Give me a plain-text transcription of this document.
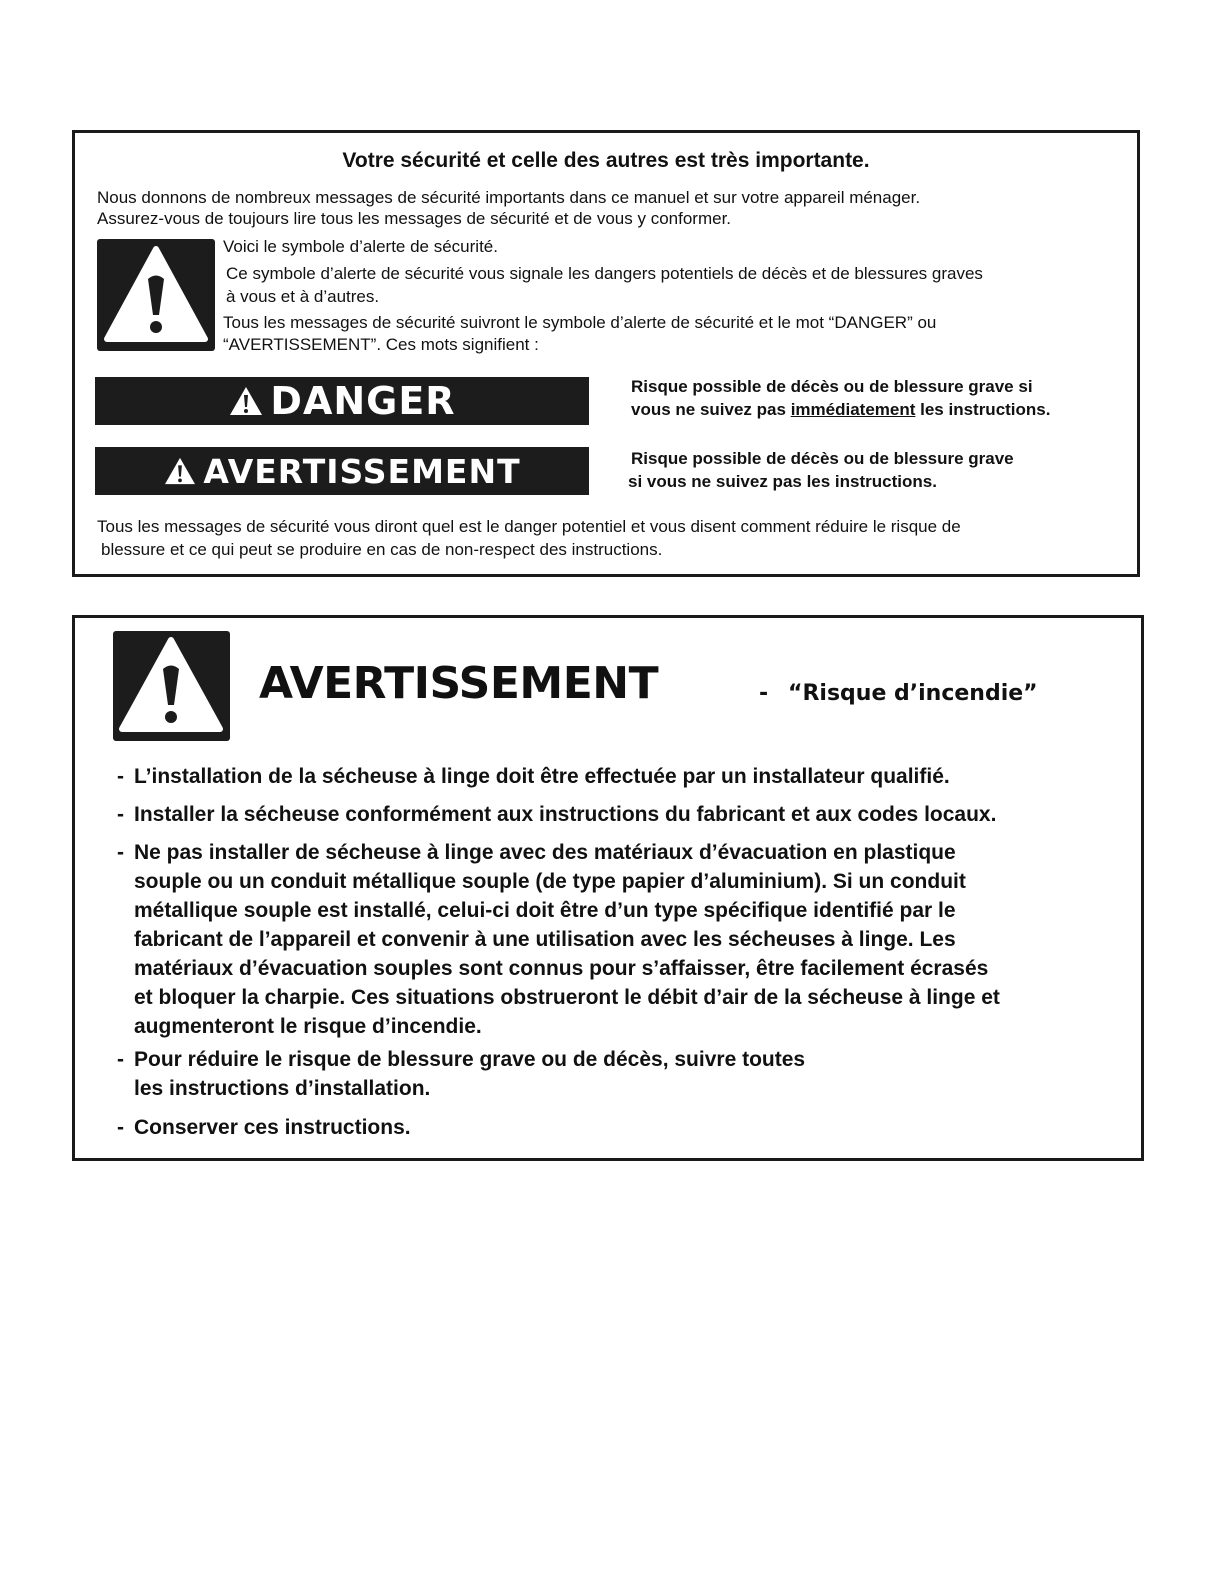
Votre sécurité et celle des autres est très importante.
Nous donnons de nombreux messages de sécurité importants dans ce manuel et sur votre appareil ménager.
Assurez-vous de toujours lire tous les messages de sécurité et de vous y conformer.
Voici le symbole d’alerte de sécurité.
Ce symbole d’alerte de sécurité vous signale les dangers potentiels de décès et de blessures graves
à vous et à d’autres.
Tous les messages de sécurité suivront le symbole d’alerte de sécurité et le mot “DANGER” ou
“AVERTISSEMENT”. Ces mots signifient :
DANGER	Risque possible de décès ou de blessure grave si
vous ne suivez pas immédiatement les instructions.
AVERTISSEMENT	Risque possible de décès ou de blessure grave
si vous ne suivez pas les instructions.
Tous les messages de sécurité vous diront quel est le danger potentiel et vous disent comment réduire le risque de
blessure et ce qui peut se produire en cas de non-respect des instructions.
AVERTISSEMENT	- “Risque d’incendie”
- L’installation de la sécheuse à linge doit être effectuée par un installateur qualifié.
- Installer la sécheuse conformément aux instructions du fabricant et aux codes locaux.
- Ne pas installer de sécheuse à linge avec des matériaux d’évacuation en plastique
souple ou un conduit métallique souple (de type papier d’aluminium). Si un conduit
métallique souple est installé, celui-ci doit être d’un type spécifique identifié par le
fabricant de l’appareil et convenir à une utilisation avec les sécheuses à linge. Les
matériaux d’évacuation souples sont connus pour s’affaisser, être facilement écrasés
et bloquer la charpie. Ces situations obstrueront le débit d’air de la sécheuse à linge et
augmenteront le risque d’incendie.
- Pour réduire le risque de blessure grave ou de décès, suivre toutes
les instructions d’installation.
- Conserver ces instructions.
